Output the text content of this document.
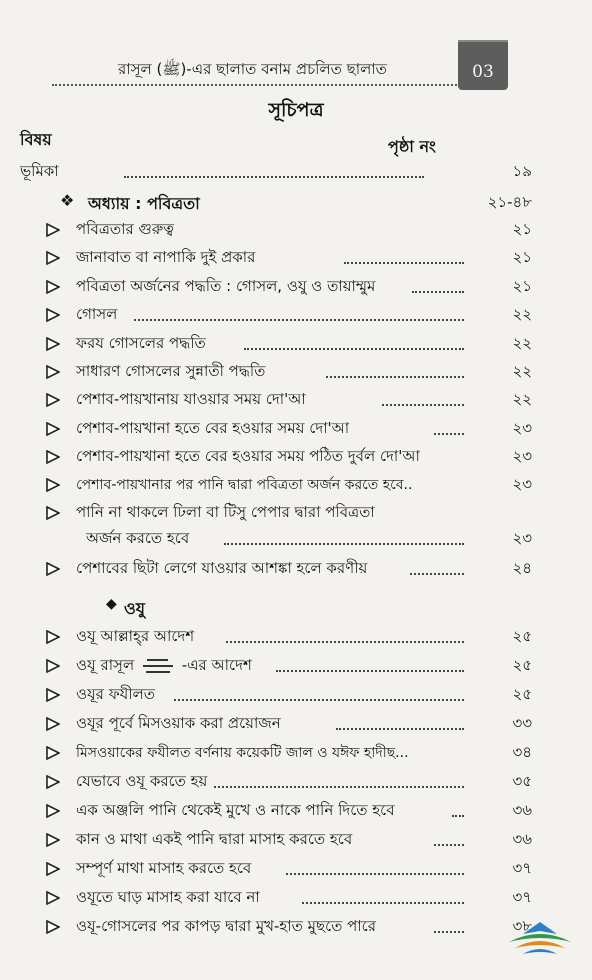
রাসূল (ﷺ)-এর ছালাত বনাম প্রচলিত ছালাত	03
সূচিপত্র
বিষয়	পৃষ্ঠা নং
ভূমিকা	১৯
❖ অধ্যায় : পবিত্রতা	২১-৪৮
পবিত্রতার গুরুত্ব	২১
জানাবাত বা নাপাকি দুই প্রকার	২১
পবিত্রতা অর্জনের পদ্ধতি : গোসল, ওযু ও তায়াম্মুম	২১
গোসল	২২
ফরয গোসলের পদ্ধতি	২২
সাধারণ গোসলের সুন্নাতী পদ্ধতি	২২
পেশাব-পায়খানায় যাওয়ার সময় দো'আ	২২
পেশাব-পায়খানা হতে বের হওয়ার সময় দো'আ	২৩
পেশাব-পায়খানা হতে বের হওয়ার সময় পঠিত দুর্বল দো'আ	২৩
পেশাব-পায়খানার পর পানি দ্বারা পবিত্রতা অর্জন করতে হবে..	২৩
পানি না থাকলে ঢিলা বা টিসু পেপার দ্বারা পবিত্রতা
অর্জন করতে হবে	২৩
পেশাবের ছিটা লেগে যাওয়ার আশঙ্কা হলে করণীয়	২৪
◆ ওযু
ওযূ আল্লাহ্‌র আদেশ	২৫
ওযূ রাসূল	-এর আদেশ	২৫
ওযূর ফযীলত	২৫
ওযূর পূর্বে মিসওয়াক করা প্রয়োজন	৩৩
মিসওয়াকের ফযীলত বর্ণনায় কয়েকটি জাল ও যঈফ হাদীছ...	৩৪
যেভাবে ওযূ করতে হয়	৩৫
এক অঞ্জলি পানি থেকেই মুখে ও নাকে পানি দিতে হবে	৩৬
কান ও মাথা একই পানি দ্বারা মাসাহ করতে হবে	৩৬
সম্পূর্ণ মাথা মাসাহ করতে হবে	৩৭
ওযূতে ঘাড় মাসাহ করা যাবে না	৩৭
ওযূ-গোসলের পর কাপড় দ্বারা মুখ-হাত মুছতে পারে	৩৮
